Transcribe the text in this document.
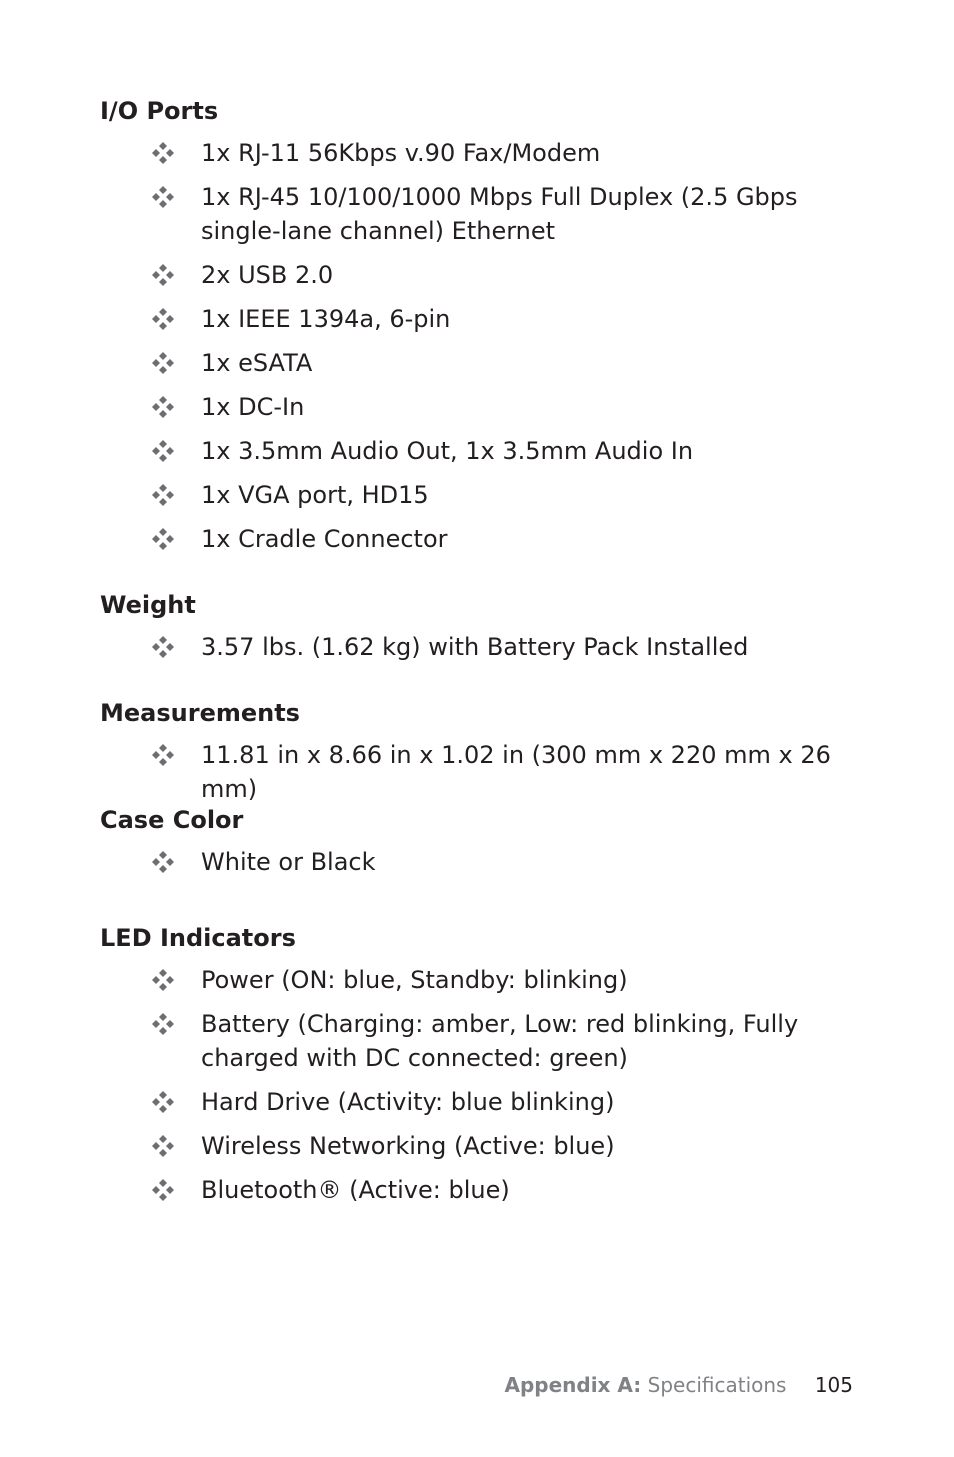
I/O Ports
1x RJ-11 56Kbps v.90 Fax/Modem
1x RJ-45 10/100/1000 Mbps Full Duplex (2.5 Gbps single-lane channel) Ethernet
2x USB 2.0
1x IEEE 1394a, 6-pin
1x eSATA
1x DC-In
1x 3.5mm Audio Out, 1x 3.5mm Audio In
1x VGA port, HD15
1x Cradle Connector
Weight
3.57 lbs. (1.62 kg) with Battery Pack Installed
Measurements
11.81 in x 8.66 in x 1.02 in (300 mm x 220 mm x 26 mm)
Case Color
White or Black
LED Indicators
Power (ON: blue, Standby: blinking)
Battery (Charging: amber, Low: red blinking, Fully charged with DC connected: green)
Hard Drive (Activity: blue blinking)
Wireless Networking (Active: blue)
Bluetooth® (Active: blue)
Appendix A: Specifications 105
